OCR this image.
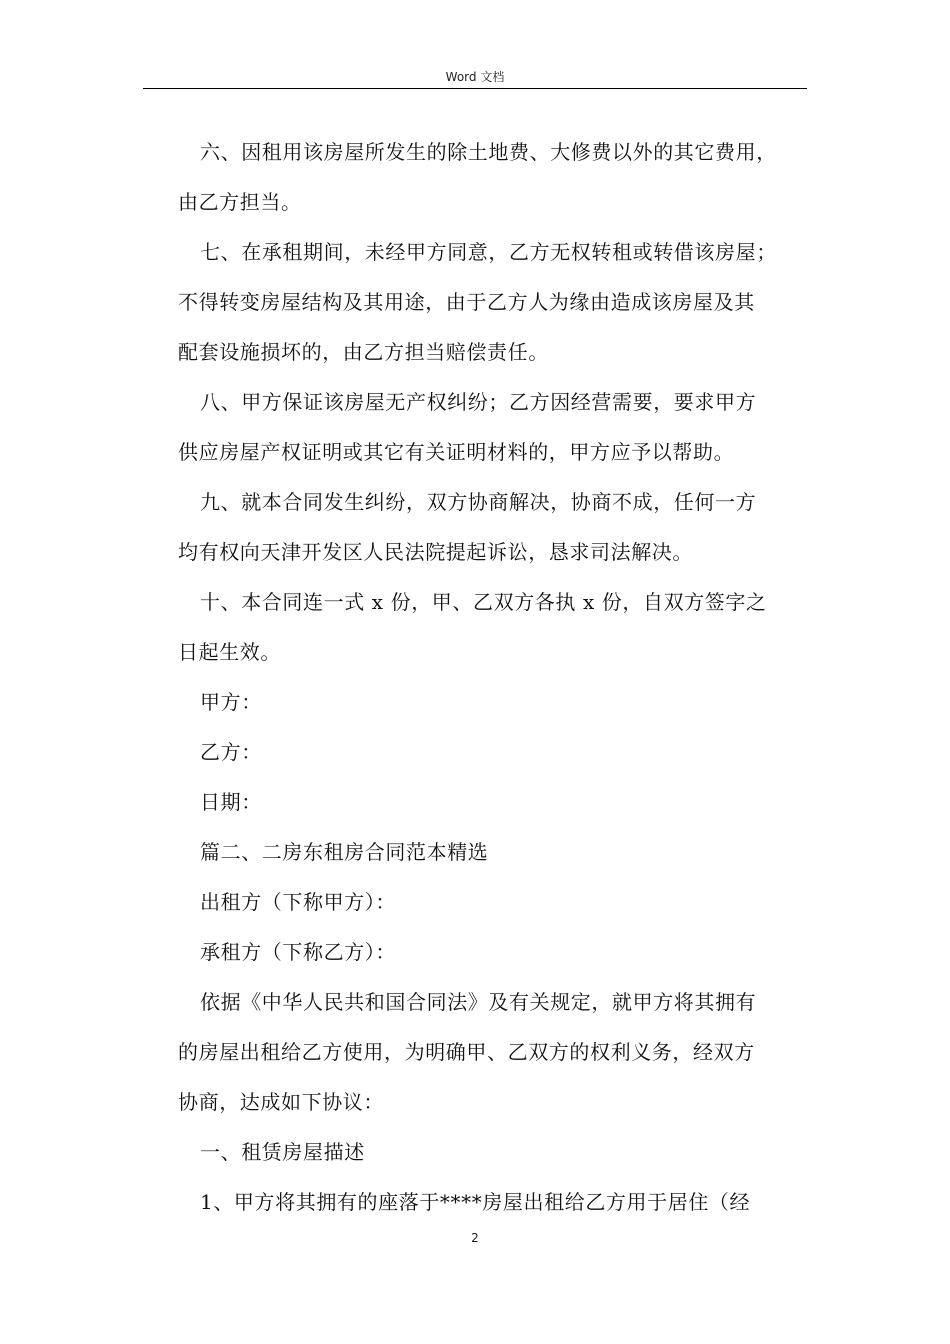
Word 文档

六、因租用该房屋所发生的除土地费、大修费以外的其它费用，

由乙方担当。

七、在承租期间，未经甲方同意，乙方无权转租或转借该房屋；

不得转变房屋结构及其用途，由于乙方人为缘由造成该房屋及其

配套设施损坏的，由乙方担当赔偿责任。

八、甲方保证该房屋无产权纠纷；乙方因经营需要，要求甲方

供应房屋产权证明或其它有关证明材料的，甲方应予以帮助。

九、就本合同发生纠纷，双方协商解决，协商不成，任何一方

均有权向天津开发区人民法院提起诉讼，恳求司法解决。

十、本合同连一式 x 份，甲、乙双方各执 x 份，自双方签字之

日起生效。

甲方：

乙方：

日期：

篇二、二房东租房合同范本精选

出租方（下称甲方）：

承租方（下称乙方）：

依据《中华人民共和国合同法》及有关规定，就甲方将其拥有

的房屋出租给乙方使用，为明确甲、乙双方的权利义务，经双方

协商，达成如下协议：

一、租赁房屋描述

1、甲方将其拥有的座落于****房屋出租给乙方用于居住（经

2
